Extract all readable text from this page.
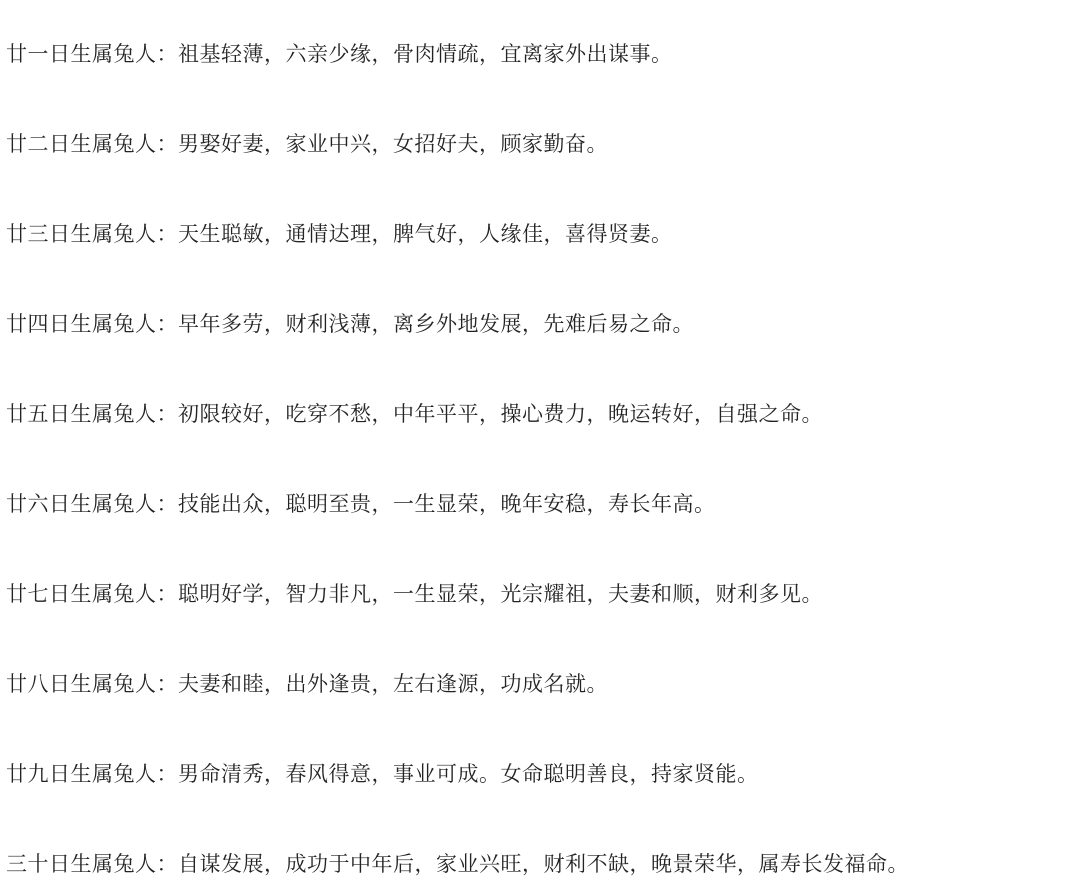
廿一日生属兔人：祖基轻薄，六亲少缘，骨肉情疏，宜离家外出谋事。

廿二日生属兔人：男娶好妻，家业中兴，女招好夫，顾家勤奋。

廿三日生属兔人：天生聪敏，通情达理，脾气好，人缘佳，喜得贤妻。

廿四日生属兔人：早年多劳，财利浅薄，离乡外地发展，先难后易之命。

廿五日生属兔人：初限较好，吃穿不愁，中年平平，操心费力，晚运转好，自强之命。

廿六日生属兔人：技能出众，聪明至贵，一生显荣，晚年安稳，寿长年高。

廿七日生属兔人：聪明好学，智力非凡，一生显荣，光宗耀祖，夫妻和顺，财利多见。

廿八日生属兔人：夫妻和睦，出外逢贵，左右逢源，功成名就。

廿九日生属兔人：男命清秀，春风得意，事业可成。女命聪明善良，持家贤能。

三十日生属兔人：自谋发展，成功于中年后，家业兴旺，财利不缺，晚景荣华，属寿长发福命。
